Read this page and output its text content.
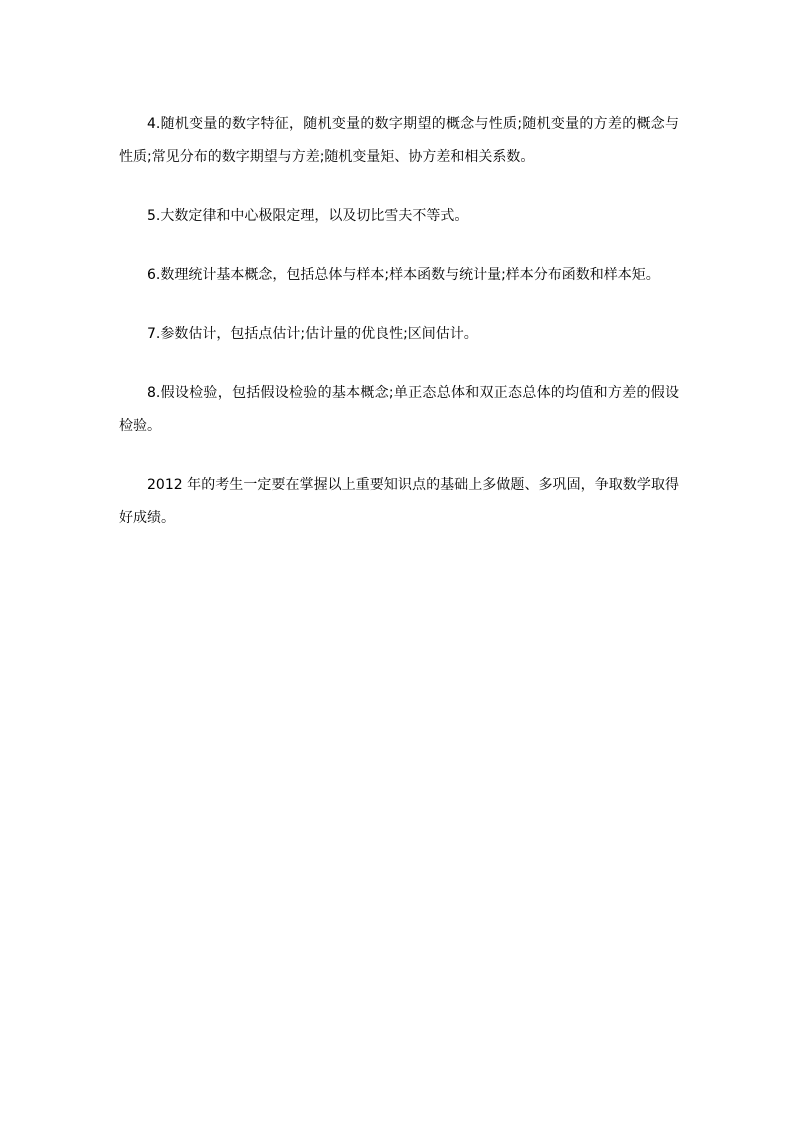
4.随机变量的数字特征，随机变量的数字期望的概念与性质;随机变量的方差的概念与性质;常见分布的数字期望与方差;随机变量矩、协方差和相关系数。

5.大数定律和中心极限定理，以及切比雪夫不等式。

6.数理统计基本概念，包括总体与样本;样本函数与统计量;样本分布函数和样本矩。

7.参数估计，包括点估计;估计量的优良性;区间估计。

8.假设检验，包括假设检验的基本概念;单正态总体和双正态总体的均值和方差的假设检验。

2012 年的考生一定要在掌握以上重要知识点的基础上多做题、多巩固，争取数学取得好成绩。
